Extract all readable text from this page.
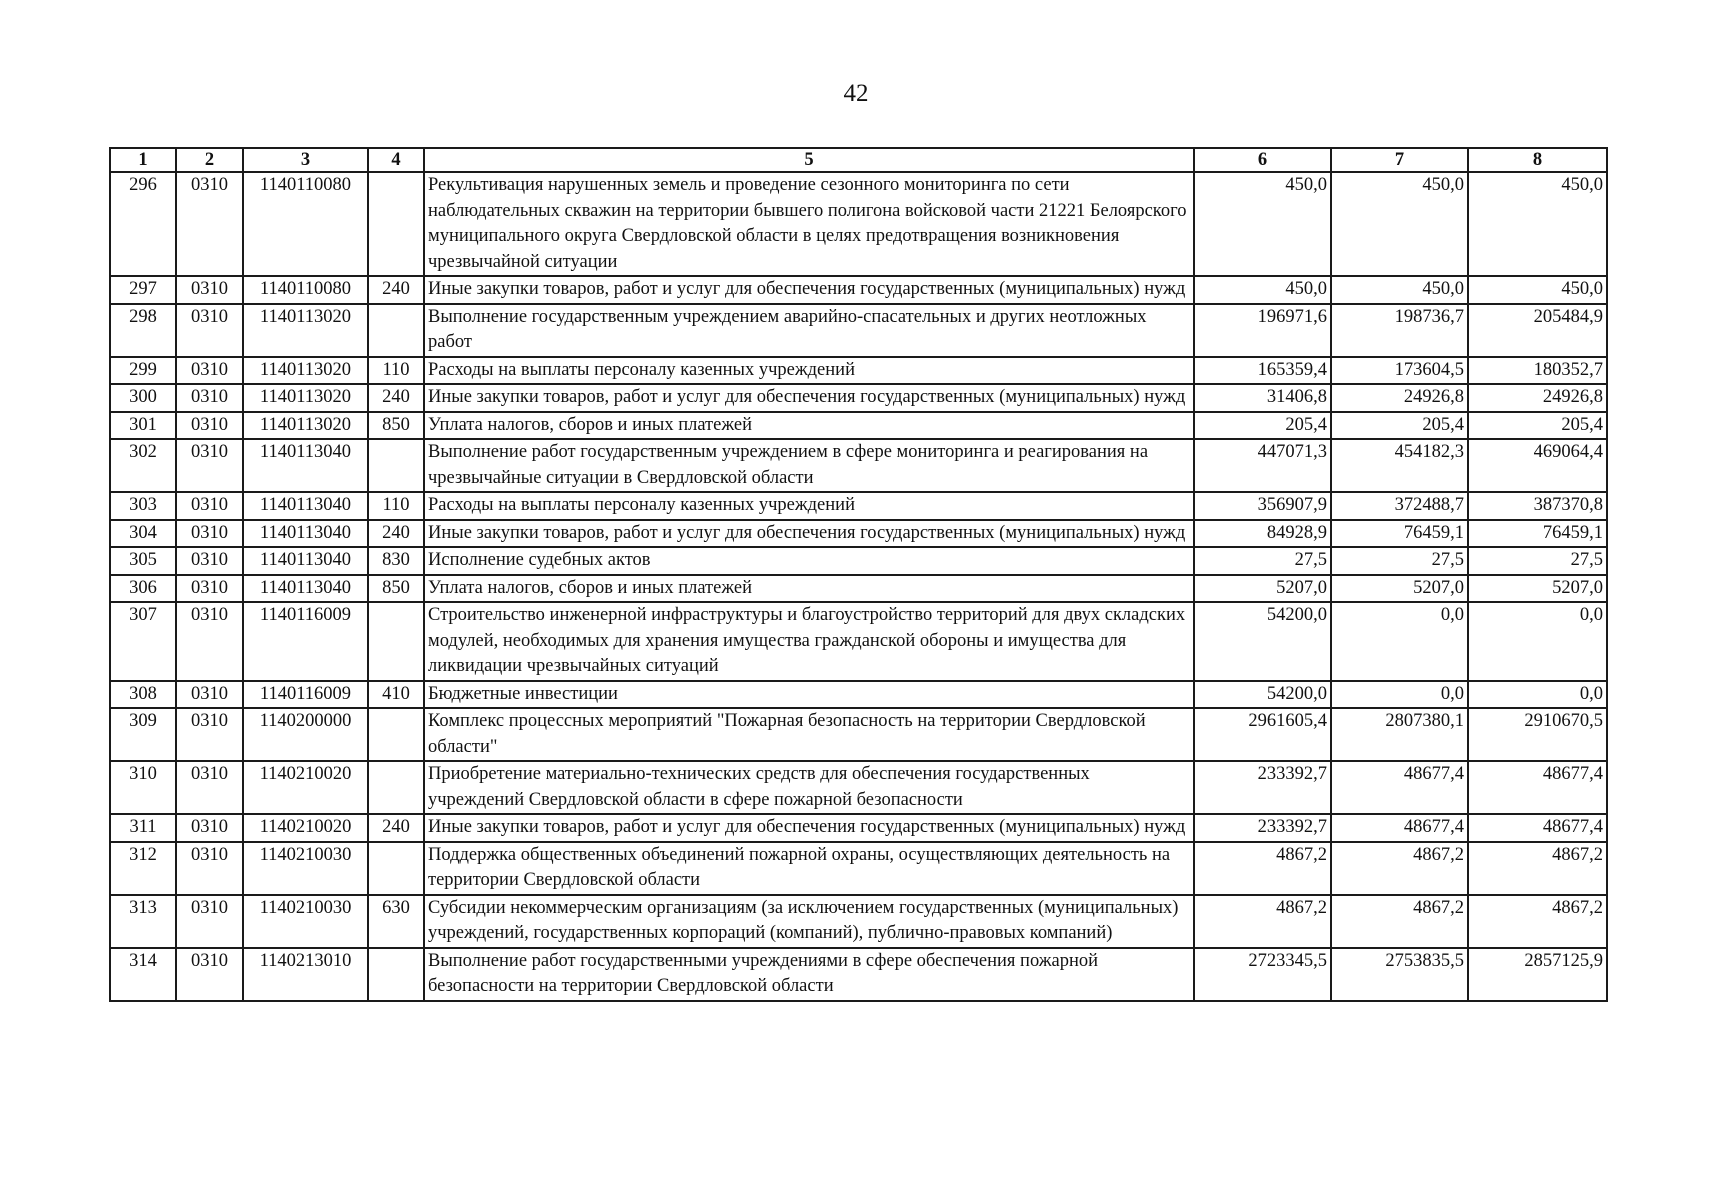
42
1	2	3	4	5	6	7	8
296	0310	1140110080		Рекультивация нарушенных земель и проведение сезонного мониторинга по сети наблюдательных скважин на территории бывшего полигона войсковой части 21221 Белоярского муниципального округа Свердловской области в целях предотвращения возникновения чрезвычайной ситуации	450,0	450,0	450,0
297	0310	1140110080	240	Иные закупки товаров, работ и услуг для обеспечения государственных (муниципальных) нужд	450,0	450,0	450,0
298	0310	1140113020		Выполнение государственным учреждением аварийно-спасательных и других неотложных работ	196971,6	198736,7	205484,9
299	0310	1140113020	110	Расходы на выплаты персоналу казенных учреждений	165359,4	173604,5	180352,7
300	0310	1140113020	240	Иные закупки товаров, работ и услуг для обеспечения государственных (муниципальных) нужд	31406,8	24926,8	24926,8
301	0310	1140113020	850	Уплата налогов, сборов и иных платежей	205,4	205,4	205,4
302	0310	1140113040		Выполнение работ государственным учреждением в сфере мониторинга и реагирования на чрезвычайные ситуации в Свердловской области	447071,3	454182,3	469064,4
303	0310	1140113040	110	Расходы на выплаты персоналу казенных учреждений	356907,9	372488,7	387370,8
304	0310	1140113040	240	Иные закупки товаров, работ и услуг для обеспечения государственных (муниципальных) нужд	84928,9	76459,1	76459,1
305	0310	1140113040	830	Исполнение судебных актов	27,5	27,5	27,5
306	0310	1140113040	850	Уплата налогов, сборов и иных платежей	5207,0	5207,0	5207,0
307	0310	1140116009		Строительство инженерной инфраструктуры и благоустройство территорий для двух складских модулей, необходимых для хранения имущества гражданской обороны и имущества для ликвидации чрезвычайных ситуаций	54200,0	0,0	0,0
308	0310	1140116009	410	Бюджетные инвестиции	54200,0	0,0	0,0
309	0310	1140200000		Комплекс процессных мероприятий "Пожарная безопасность на территории Свердловской области"	2961605,4	2807380,1	2910670,5
310	0310	1140210020		Приобретение материально-технических средств для обеспечения государственных учреждений Свердловской области в сфере пожарной безопасности	233392,7	48677,4	48677,4
311	0310	1140210020	240	Иные закупки товаров, работ и услуг для обеспечения государственных (муниципальных) нужд	233392,7	48677,4	48677,4
312	0310	1140210030		Поддержка общественных объединений пожарной охраны, осуществляющих деятельность на территории Свердловской области	4867,2	4867,2	4867,2
313	0310	1140210030	630	Субсидии некоммерческим организациям (за исключением государственных (муниципальных) учреждений, государственных корпораций (компаний), публично-правовых компаний)	4867,2	4867,2	4867,2
314	0310	1140213010		Выполнение работ государственными учреждениями в сфере обеспечения пожарной безопасности на территории Свердловской области	2723345,5	2753835,5	2857125,9
